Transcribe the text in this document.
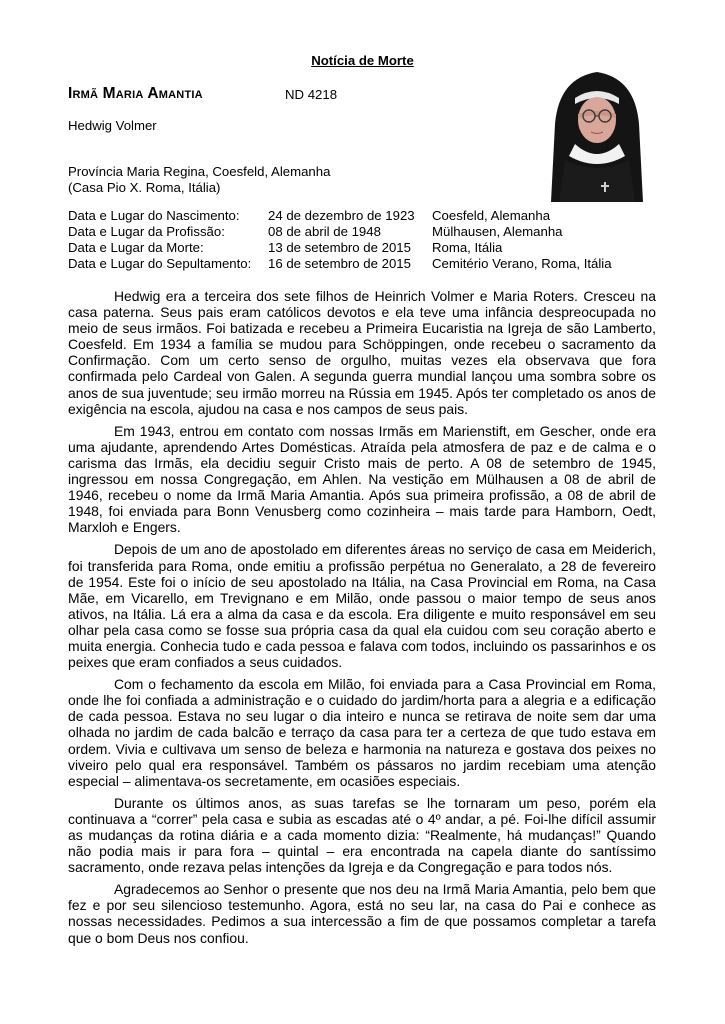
Notícia de Morte
Irmã Maria Amantia	ND 4218
Hedwig Volmer
Província Maria Regina, Coesfeld, Alemanha
(Casa Pio X. Roma, Itália)
Data e Lugar do Nascimento:	24 de dezembro de 1923	Coesfeld, Alemanha
Data e Lugar da Profissão:	08 de abril de 1948	Mülhausen, Alemanha
Data e Lugar da Morte:	13 de setembro de 2015	Roma, Itália
Data e Lugar do Sepultamento:	16 de setembro de 2015	Cemitério Verano, Roma, Itália

Hedwig era a terceira dos sete filhos de Heinrich Volmer e Maria Roters. Cresceu na casa paterna. Seus pais eram católicos devotos e ela teve uma infância despreocupada no meio de seus irmãos. Foi batizada e recebeu a Primeira Eucaristia na Igreja de são Lamberto, Coesfeld. Em 1934 a família se mudou para Schöppingen, onde recebeu o sacramento da Confirmação. Com um certo senso de orgulho, muitas vezes ela observava que fora confirmada pelo Cardeal von Galen. A segunda guerra mundial lançou uma sombra sobre os anos de sua juventude; seu irmão morreu na Rússia em 1945. Após ter completado os anos de exigência na escola, ajudou na casa e nos campos de seus pais.

Em 1943, entrou em contato com nossas Irmãs em Marienstift, em Gescher, onde era uma ajudante, aprendendo Artes Domésticas. Atraída pela atmosfera de paz e de calma e o carisma das Irmãs, ela decidiu seguir Cristo mais de perto. A 08 de setembro de 1945, ingressou em nossa Congregação, em Ahlen. Na vestição em Mülhausen a 08 de abril de 1946, recebeu o nome da Irmã Maria Amantia. Após sua primeira profissão, a 08 de abril de 1948, foi enviada para Bonn Venusberg como cozinheira – mais tarde para Hamborn, Oedt, Marxloh e Engers.

Depois de um ano de apostolado em diferentes áreas no serviço de casa em Meiderich, foi transferida para Roma, onde emitiu a profissão perpétua no Generalato, a 28 de fevereiro de 1954. Este foi o início de seu apostolado na Itália, na Casa Provincial em Roma, na Casa Mãe, em Vicarello, em Trevignano e em Milão, onde passou o maior tempo de seus anos ativos, na Itália. Lá era a alma da casa e da escola. Era diligente e muito responsável em seu olhar pela casa como se fosse sua própria casa da qual ela cuidou com seu coração aberto e muita energia. Conhecia tudo e cada pessoa e falava com todos, incluindo os passarinhos e os peixes que eram confiados a seus cuidados.

Com o fechamento da escola em Milão, foi enviada para a Casa Provincial em Roma, onde lhe foi confiada a administração e o cuidado do jardim/horta para a alegria e a edificação de cada pessoa. Estava no seu lugar o dia inteiro e nunca se retirava de noite sem dar uma olhada no jardim de cada balcão e terraço da casa para ter a certeza de que tudo estava em ordem. Vivia e cultivava um senso de beleza e harmonia na natureza e gostava dos peixes no viveiro pelo qual era responsável. Também os pássaros no jardim recebiam uma atenção especial – alimentava-os secretamente, em ocasiões especiais.

Durante os últimos anos, as suas tarefas se lhe tornaram um peso, porém ela continuava a “correr” pela casa e subia as escadas até o 4º andar, a pé. Foi-lhe difícil assumir as mudanças da rotina diária e a cada momento dizia: “Realmente, há mudanças!” Quando não podia mais ir para fora – quintal – era encontrada na capela diante do santíssimo sacramento, onde rezava pelas intenções da Igreja e da Congregação e para todos nós.

Agradecemos ao Senhor o presente que nos deu na Irmã Maria Amantia, pelo bem que fez e por seu silencioso testemunho. Agora, está no seu lar, na casa do Pai e conhece as nossas necessidades. Pedimos a sua intercessão a fim de que possamos completar a tarefa que o bom Deus nos confiou.
